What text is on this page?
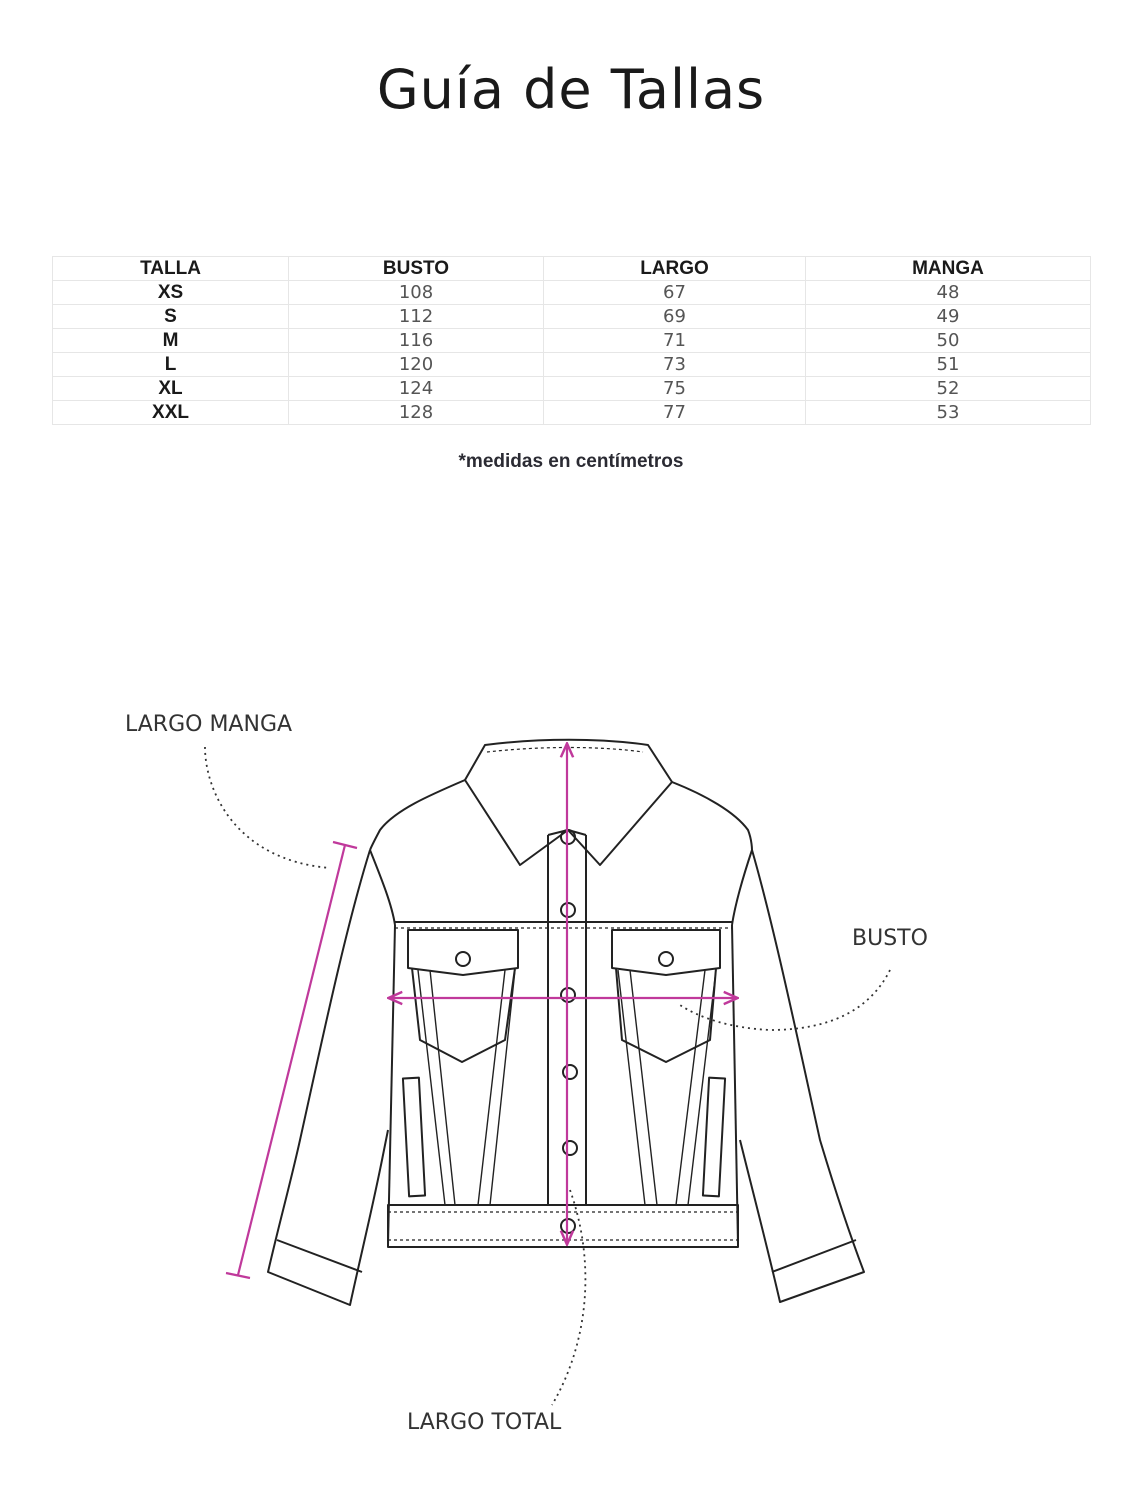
Guía de Tallas
TALLA	BUSTO	LARGO	MANGA
XS	108	67	48
S	112	69	49
M	116	71	50
L	120	73	51
XL	124	75	52
XXL	128	77	53
*medidas en centímetros
LARGO MANGA
BUSTO
LARGO TOTAL
